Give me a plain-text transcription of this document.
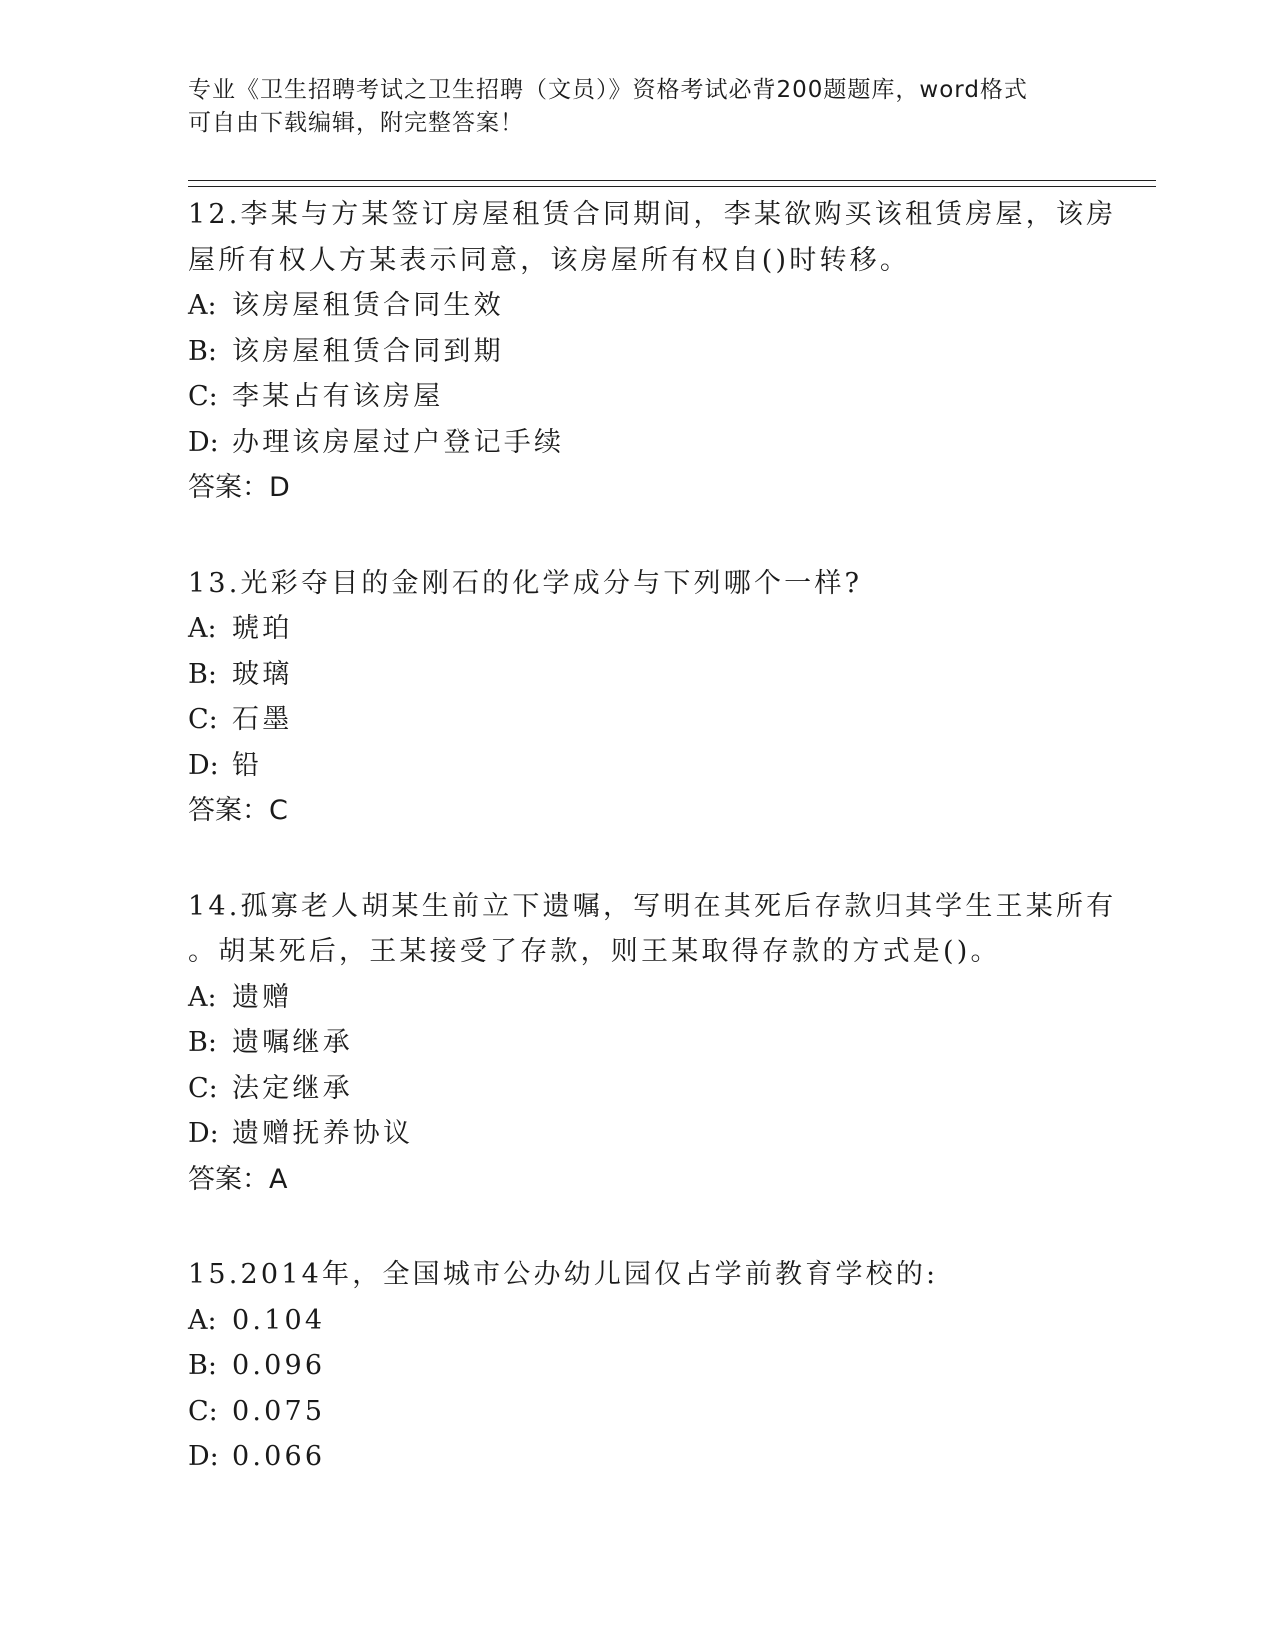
专业《卫生招聘考试之卫生招聘（文员）》资格考试必背200题题库，word格式
可自由下载编辑，附完整答案！
12.李某与方某签订房屋租赁合同期间，李某欲购买该租赁房屋，该房
屋所有权人方某表示同意，该房屋所有权自()时转移。
A: 该房屋租赁合同生效
B: 该房屋租赁合同到期
C: 李某占有该房屋
D: 办理该房屋过户登记手续
答案：D
13.光彩夺目的金刚石的化学成分与下列哪个一样?
A: 琥珀
B: 玻璃
C: 石墨
D: 铅
答案：C
14.孤寡老人胡某生前立下遗嘱，写明在其死后存款归其学生王某所有
。胡某死后，王某接受了存款，则王某取得存款的方式是()。
A: 遗赠
B: 遗嘱继承
C: 法定继承
D: 遗赠抚养协议
答案：A
15.2014年，全国城市公办幼儿园仅占学前教育学校的:
A: 0.104
B: 0.096
C: 0.075
D: 0.066
